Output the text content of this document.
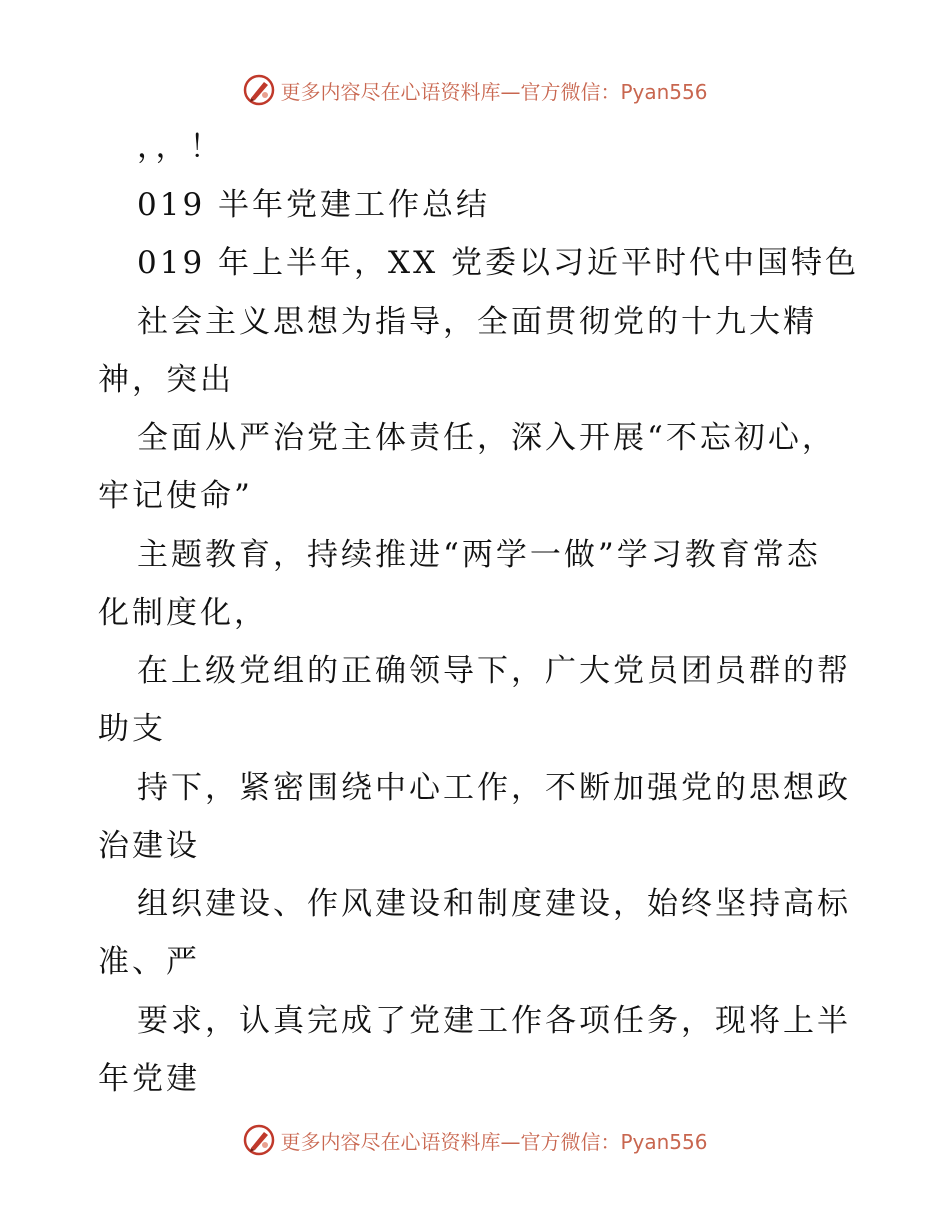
更多内容尽在心语资料库—官方微信：Pyan556
，，！
019 半年党建工作总结
019 年上半年，XX 党委以习近平时代中国特色
社会主义思想为指导，全面贯彻党的十九大精
神，突出
全面从严治党主体责任，深入开展“不忘初心，
牢记使命”
主题教育，持续推进“两学一做”学习教育常态
化制度化，
在上级党组的正确领导下，广大党员团员群的帮
助支
持下，紧密围绕中心工作，不断加强党的思想政
治建设
组织建设、作风建设和制度建设，始终坚持高标
准、严
要求，认真完成了党建工作各项任务，现将上半
年党建
更多内容尽在心语资料库—官方微信：Pyan556
